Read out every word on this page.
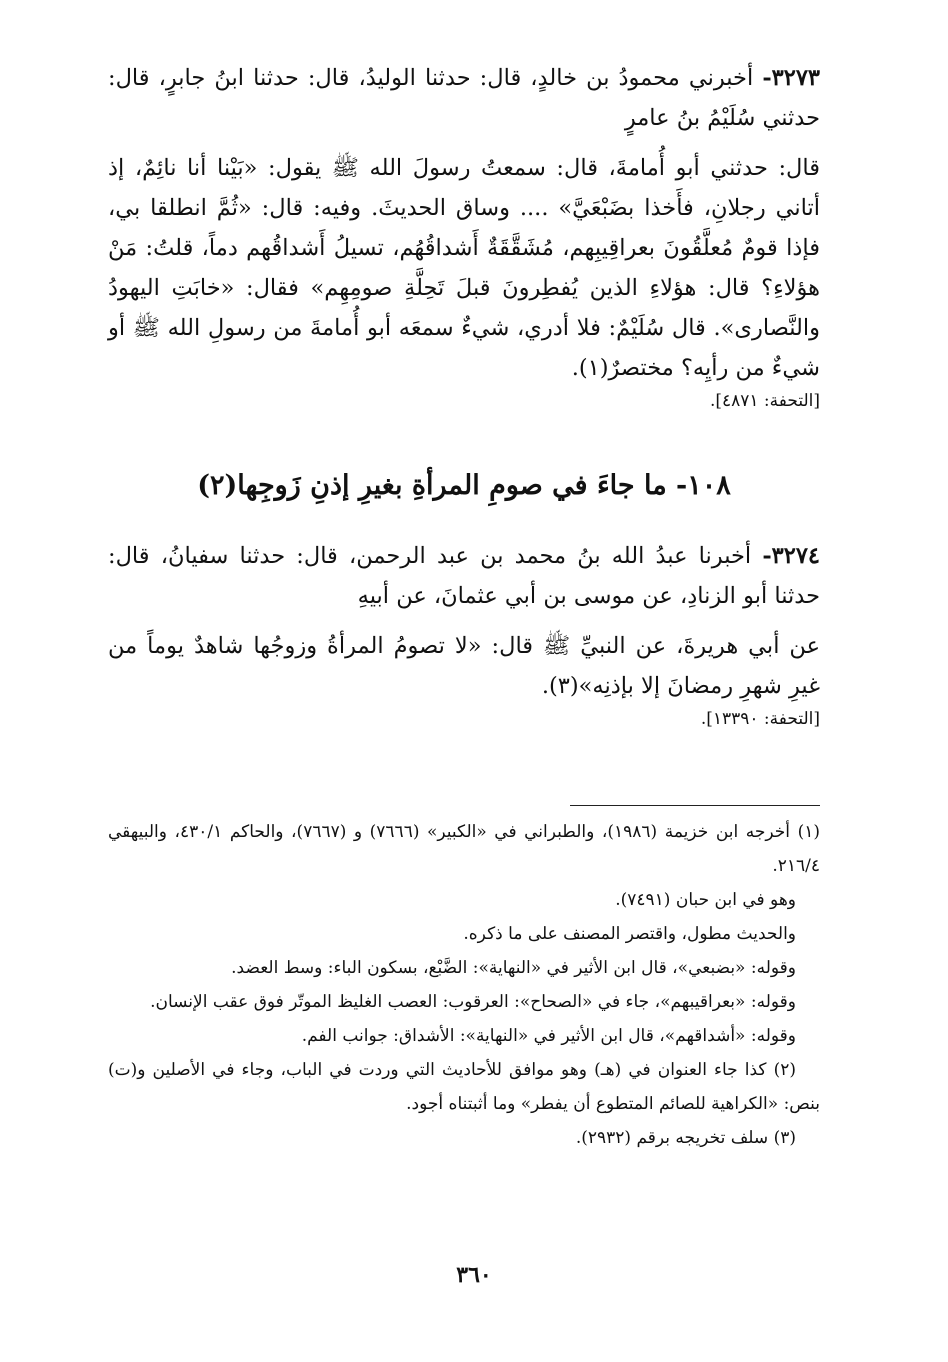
٣٢٧٣- أخبرني محمودُ بن خالدٍ، قال: حدثنا الوليدُ، قال: حدثنا ابنُ جابرٍ، قال: حدثني سُلَيْمُ بنُ عامرٍ

قال: حدثني أبو أُمامةَ، قال: سمعتُ رسولَ الله ﷺ يقول: «بَيْنا أنا نائِمٌ، إذ أتاني رجلانِ، فأَخذا بضَبْعَيَّ» .... وساق الحديثَ. وفيه: قال: «ثُمَّ انطلقا بي، فإذا قومٌ مُعلَّقُونَ بعراقِيبِهم، مُشَقَّقَةٌ أَشداقُهُم، تسيلُ أَشداقُهم دماً، قلتُ: مَنْ هؤلاءِ؟ قال: هؤلاءِ الذين يُفطِرونَ قبلَ تَحِلَّةِ صومِهِم» فقال: «خابَتِ اليهودُ والنَّصارى». قال سُلَيْمٌ: فلا أدري، شيءٌ سمعَه أبو أُمامةَ من رسولِ الله ﷺ أو شيءٌ من رأيِه؟ مختصرٌ(١).

[التحفة: ٤٨٧١].

١٠٨- ما جاءَ في صومِ المرأةِ بغيرِ إذنِ زَوجِها(٢)

٣٢٧٤- أخبرنا عبدُ الله بنُ محمد بن عبد الرحمن، قال: حدثنا سفيانُ، قال: حدثنا أبو الزنادِ، عن موسى بن أبي عثمانَ، عن أبيهِ

عن أبي هريرةَ، عن النبيِّ ﷺ قال: «لا تصومُ المرأةُ وزوجُها شاهدٌ يوماً من غيرِ شهرِ رمضانَ إلا بإذنِه»(٣).

[التحفة: ١٣٣٩٠].

(١) أخرجه ابن خزيمة (١٩٨٦)، والطبراني في «الكبير» (٧٦٦٦) و (٧٦٦٧)، والحاكم ٤٣٠/١، والبيهقي ٢١٦/٤.

وهو في ابن حبان (٧٤٩١).

والحديث مطول، واقتصر المصنف على ما ذكره.

وقوله: «بضبعي»، قال ابن الأثير في «النهاية»: الضَّبْع، بسكون الباء: وسط العضد.

وقوله: «بعراقيبهم»، جاء في «الصحاح»: العرقوب: العصب الغليظ الموتّر فوق عقب الإنسان.

وقوله: «أشداقهم»، قال ابن الأثير في «النهاية»: الأشداق: جوانب الفم.

(٢) كذا جاء العنوان في (هـ) وهو موافق للأحاديث التي وردت في الباب، وجاء في الأصلين و(ت) بنص: «الكراهية للصائم المتطوع أن يفطر» وما أثبتناه أجود.

(٣) سلف تخريجه برقم (٢٩٣٢).

٣٦٠
